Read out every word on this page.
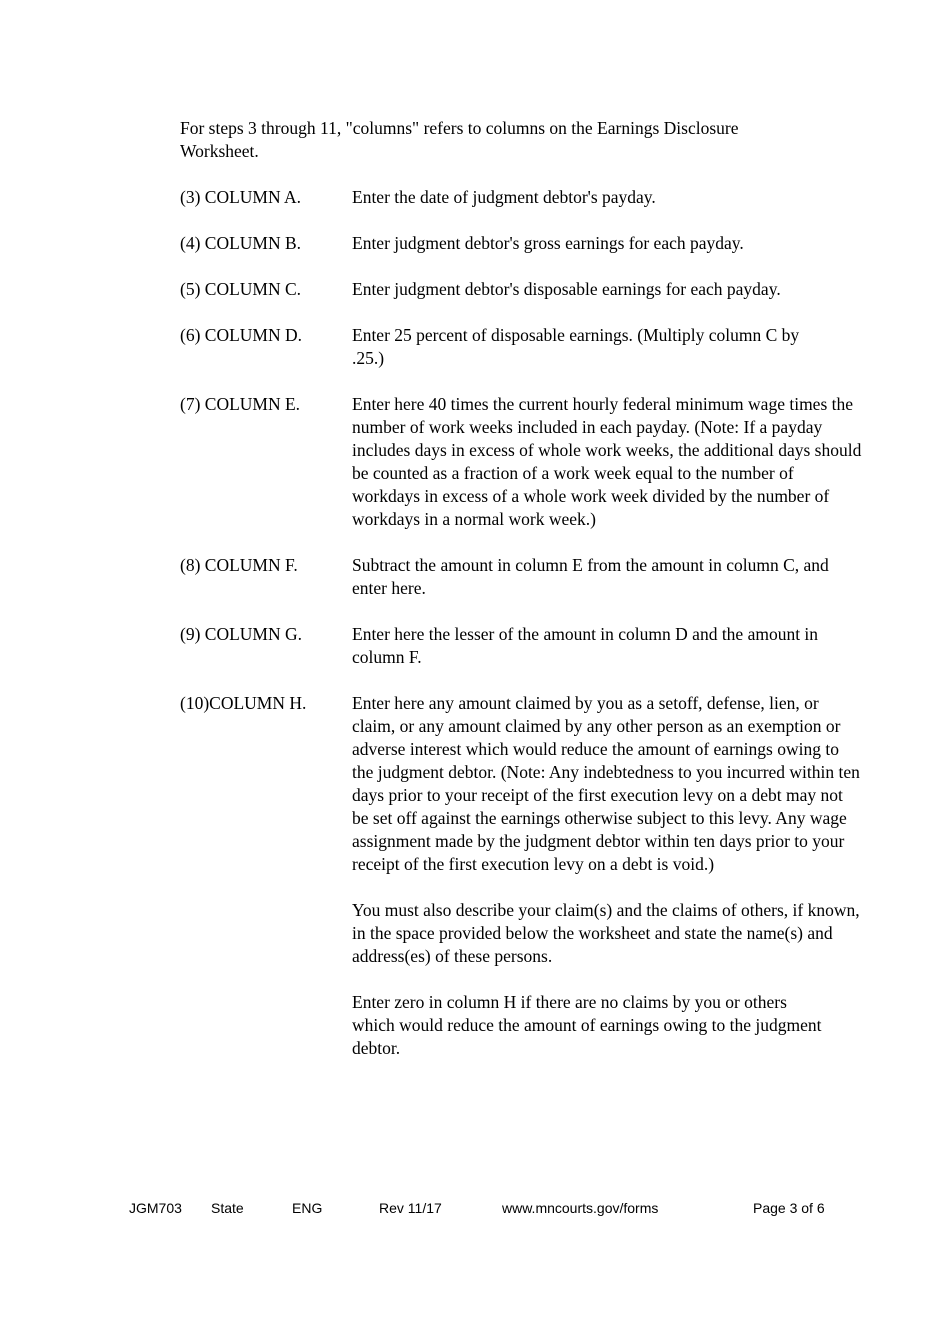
For steps 3 through 11, "columns" refers to columns on the Earnings Disclosure Worksheet.

(3) COLUMN A.	Enter the date of judgment debtor's payday.

(4) COLUMN B.	Enter judgment debtor's gross earnings for each payday.

(5) COLUMN C.	Enter judgment debtor's disposable earnings for each payday.

(6) COLUMN D.	Enter 25 percent of disposable earnings. (Multiply column C by .25.)

(7) COLUMN E.	Enter here 40 times the current hourly federal minimum wage times the number of work weeks included in each payday. (Note: If a payday includes days in excess of whole work weeks, the additional days should be counted as a fraction of a work week equal to the number of workdays in excess of a whole work week divided by the number of workdays in a normal work week.)

(8) COLUMN F.	Subtract the amount in column E from the amount in column C, and enter here.

(9) COLUMN G.	Enter here the lesser of the amount in column D and the amount in column F.

(10)COLUMN H.	Enter here any amount claimed by you as a setoff, defense, lien, or claim, or any amount claimed by any other person as an exemption or adverse interest which would reduce the amount of earnings owing to the judgment debtor. (Note: Any indebtedness to you incurred within ten days prior to your receipt of the first execution levy on a debt may not be set off against the earnings otherwise subject to this levy. Any wage assignment made by the judgment debtor within ten days prior to your receipt of the first execution levy on a debt is void.)

You must also describe your claim(s) and the claims of others, if known, in the space provided below the worksheet and state the name(s) and address(es) of these persons.

Enter zero in column H if there are no claims by you or others which would reduce the amount of earnings owing to the judgment debtor.

JGM703 State	ENG	Rev 11/17	www.mncourts.gov/forms	Page 3 of 6
